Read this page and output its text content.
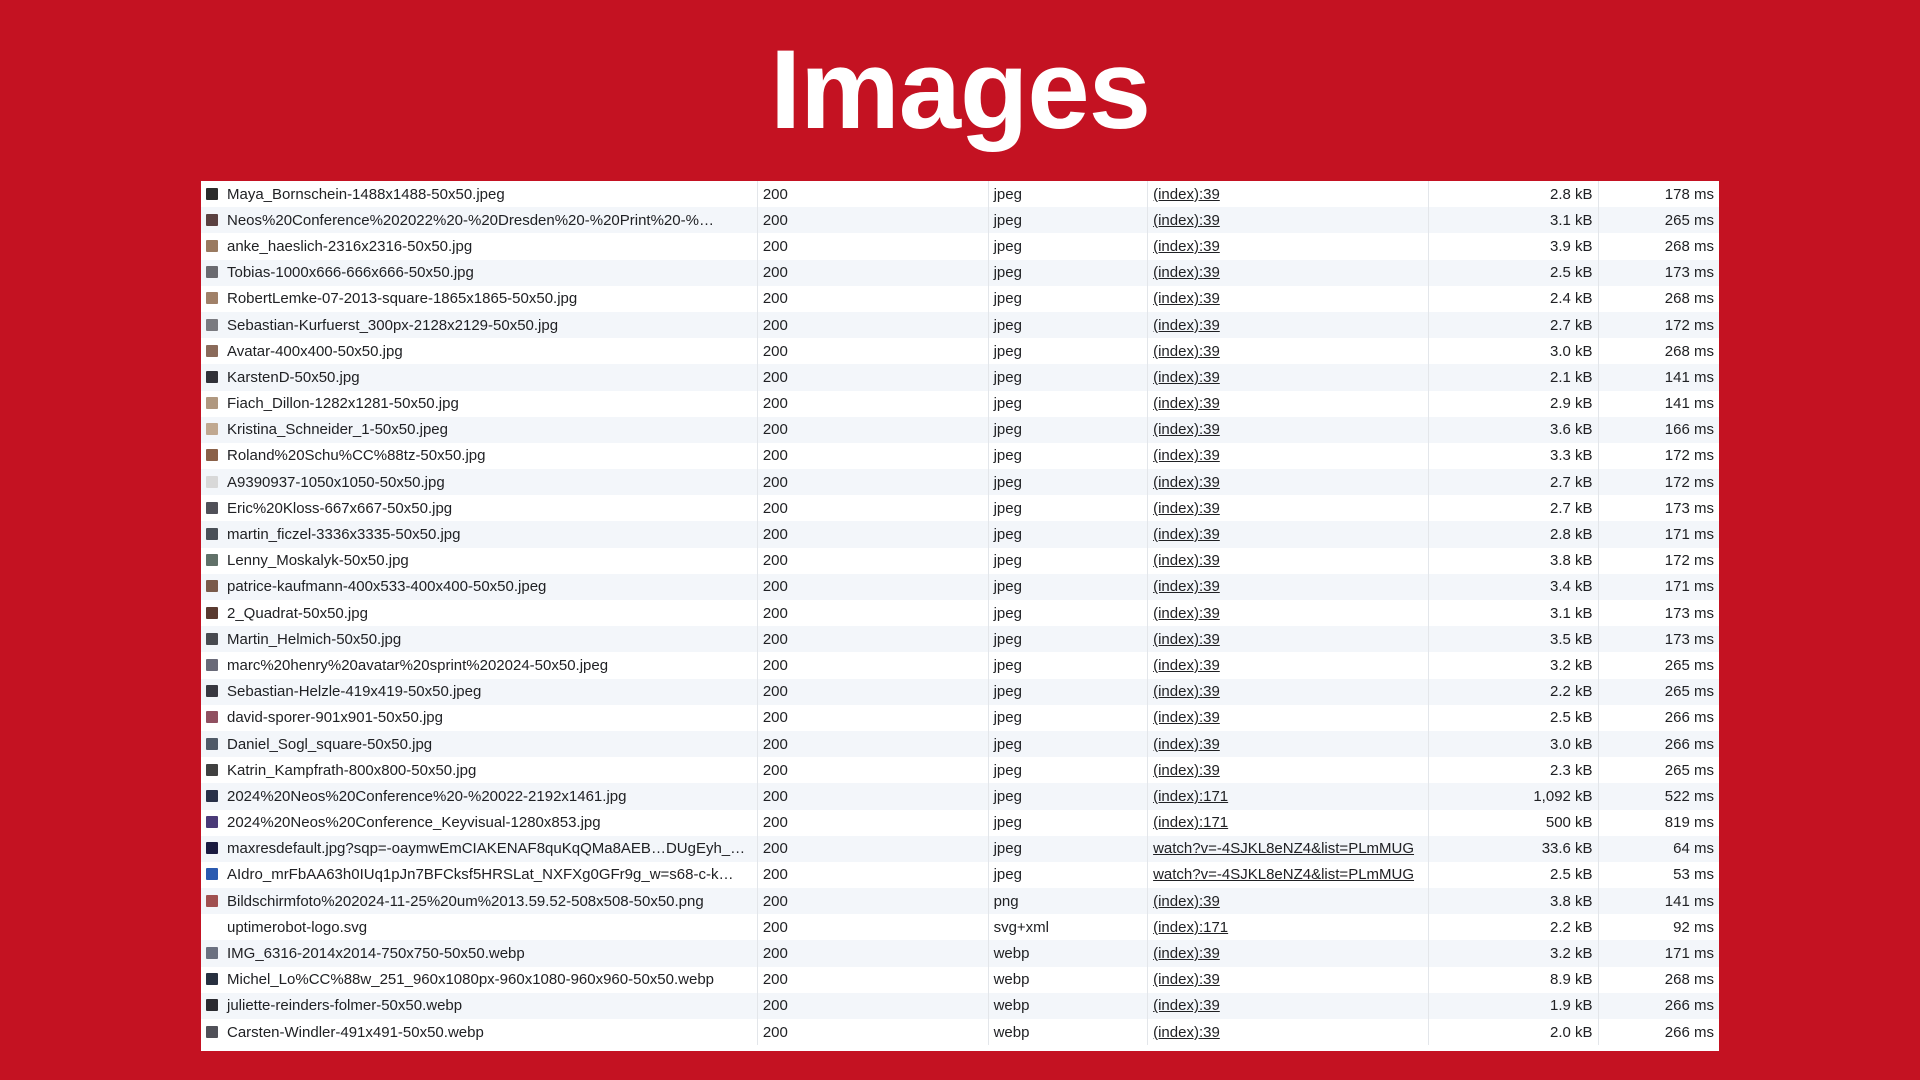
Images
Maya_Bornschein-1488x1488-50x50.jpeg	200	jpeg	(index):39	2.8 kB	178 ms
Neos%20Conference%202022%20-%20Dresden%20-%20Print%20-%…	200	jpeg	(index):39	3.1 kB	265 ms
anke_haeslich-2316x2316-50x50.jpg	200	jpeg	(index):39	3.9 kB	268 ms
Tobias-1000x666-666x666-50x50.jpg	200	jpeg	(index):39	2.5 kB	173 ms
RobertLemke-07-2013-square-1865x1865-50x50.jpg	200	jpeg	(index):39	2.4 kB	268 ms
Sebastian-Kurfuerst_300px-2128x2129-50x50.jpg	200	jpeg	(index):39	2.7 kB	172 ms
Avatar-400x400-50x50.jpg	200	jpeg	(index):39	3.0 kB	268 ms
KarstenD-50x50.jpg	200	jpeg	(index):39	2.1 kB	141 ms
Fiach_Dillon-1282x1281-50x50.jpg	200	jpeg	(index):39	2.9 kB	141 ms
Kristina_Schneider_1-50x50.jpeg	200	jpeg	(index):39	3.6 kB	166 ms
Roland%20Schu%CC%88tz-50x50.jpg	200	jpeg	(index):39	3.3 kB	172 ms
A9390937-1050x1050-50x50.jpg	200	jpeg	(index):39	2.7 kB	172 ms
Eric%20Kloss-667x667-50x50.jpg	200	jpeg	(index):39	2.7 kB	173 ms
martin_ficzel-3336x3335-50x50.jpg	200	jpeg	(index):39	2.8 kB	171 ms
Lenny_Moskalyk-50x50.jpg	200	jpeg	(index):39	3.8 kB	172 ms
patrice-kaufmann-400x533-400x400-50x50.jpeg	200	jpeg	(index):39	3.4 kB	171 ms
2_Quadrat-50x50.jpg	200	jpeg	(index):39	3.1 kB	173 ms
Martin_Helmich-50x50.jpg	200	jpeg	(index):39	3.5 kB	173 ms
marc%20henry%20avatar%20sprint%202024-50x50.jpeg	200	jpeg	(index):39	3.2 kB	265 ms
Sebastian-Helzle-419x419-50x50.jpeg	200	jpeg	(index):39	2.2 kB	265 ms
david-sporer-901x901-50x50.jpg	200	jpeg	(index):39	2.5 kB	266 ms
Daniel_Sogl_square-50x50.jpg	200	jpeg	(index):39	3.0 kB	266 ms
Katrin_Kampfrath-800x800-50x50.jpg	200	jpeg	(index):39	2.3 kB	265 ms
2024%20Neos%20Conference%20-%20022-2192x1461.jpg	200	jpeg	(index):171	1,092 kB	522 ms
2024%20Neos%20Conference_Keyvisual-1280x853.jpg	200	jpeg	(index):171	500 kB	819 ms
maxresdefault.jpg?sqp=-oaymwEmCIAKENAF8quKqQMa8AEB…DUgEyh_…	200	jpeg	watch?v=-4SJKL8eNZ4&list=PLmMUG	33.6 kB	64 ms
AIdro_mrFbAA63h0IUq1pJn7BFCksf5HRSLat_NXFXg0GFr9g_w=s68-c-k…	200	jpeg	watch?v=-4SJKL8eNZ4&list=PLmMUG	2.5 kB	53 ms
Bildschirmfoto%202024-11-25%20um%2013.59.52-508x508-50x50.png	200	png	(index):39	3.8 kB	141 ms
uptimerobot-logo.svg	200	svg+xml	(index):171	2.2 kB	92 ms
IMG_6316-2014x2014-750x750-50x50.webp	200	webp	(index):39	3.2 kB	171 ms
Michel_Lo%CC%88w_251_960x1080px-960x1080-960x960-50x50.webp	200	webp	(index):39	8.9 kB	268 ms
juliette-reinders-folmer-50x50.webp	200	webp	(index):39	1.9 kB	266 ms
Carsten-Windler-491x491-50x50.webp	200	webp	(index):39	2.0 kB	266 ms
